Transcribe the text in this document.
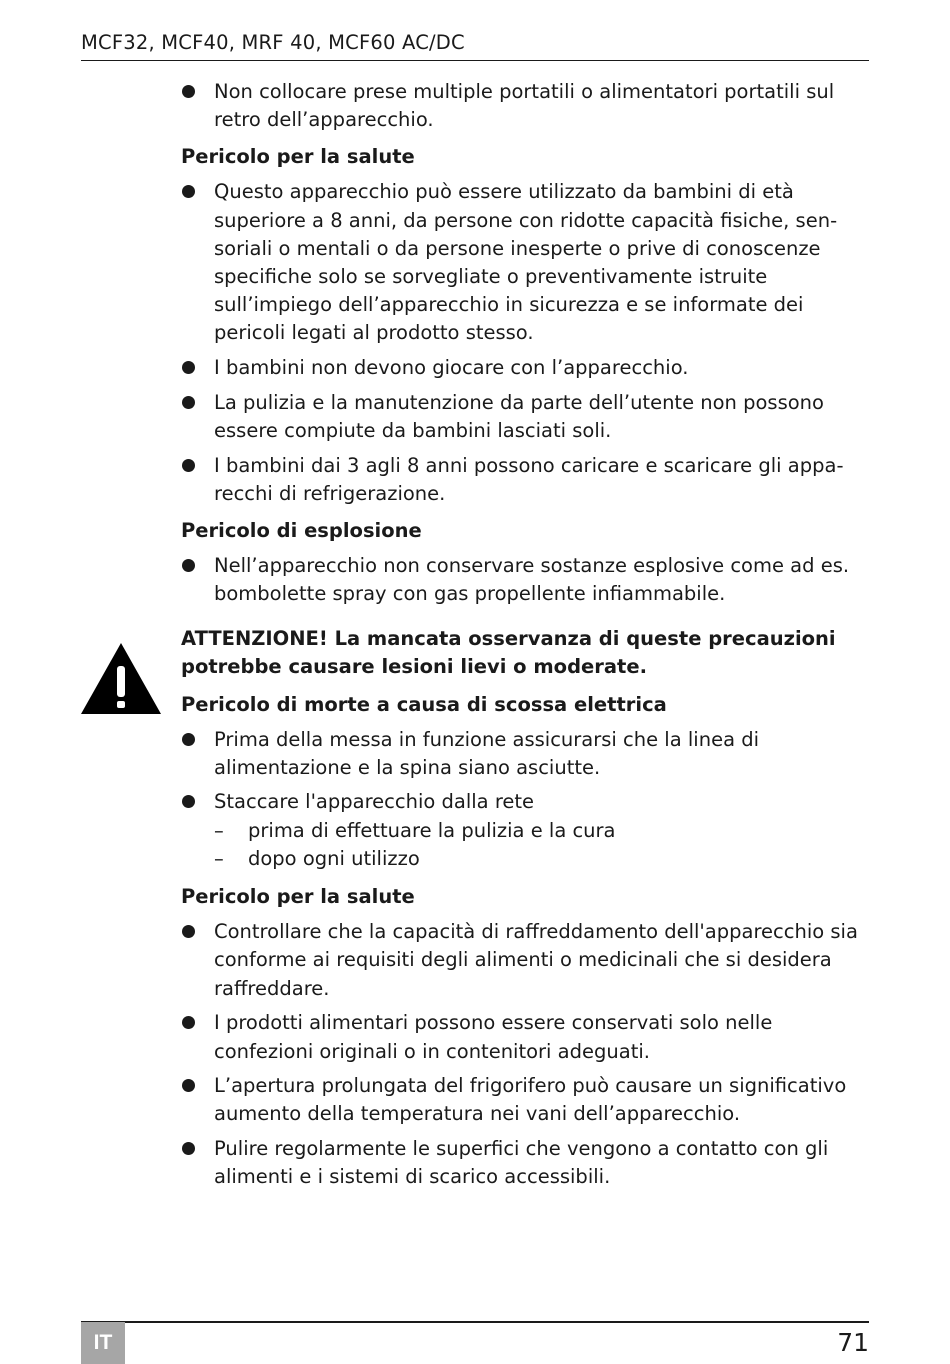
MCF32, MCF40, MRF 40, MCF60 AC/DC
Non collocare prese multiple portatili o alimentatori portatili sul retro dell’apparecchio.
Pericolo per la salute
Questo apparecchio può essere utilizzato da bambini di età superiore a 8 anni, da persone con ridotte capacità fisiche, sensoriali o mentali o da persone inesperte o prive di conoscenze specifiche solo se sorvegliate o preventivamente istruite sull’impiego dell’apparecchio in sicurezza e se informate dei pericoli legati al prodotto stesso.
I bambini non devono giocare con l’apparecchio.
La pulizia e la manutenzione da parte dell’utente non possono essere compiute da bambini lasciati soli.
I bambini dai 3 agli 8 anni possono caricare e scaricare gli apparecchi di refrigerazione.
Pericolo di esplosione
Nell’apparecchio non conservare sostanze esplosive come ad es. bombolette spray con gas propellente infiammabile.
ATTENZIONE! La mancata osservanza di queste precauzioni potrebbe causare lesioni lievi o moderate.
Pericolo di morte a causa di scossa elettrica
Prima della messa in funzione assicurarsi che la linea di alimentazione e la spina siano asciutte.
Staccare l'apparecchio dalla rete
– prima di effettuare la pulizia e la cura
– dopo ogni utilizzo
Pericolo per la salute
Controllare che la capacità di raffreddamento dell'apparecchio sia conforme ai requisiti degli alimenti o medicinali che si desidera raffreddare.
I prodotti alimentari possono essere conservati solo nelle confezioni originali o in contenitori adeguati.
L’apertura prolungata del frigorifero può causare un significativo aumento della temperatura nei vani dell’apparecchio.
Pulire regolarmente le superfici che vengono a contatto con gli alimenti e i sistemi di scarico accessibili.
IT	71
